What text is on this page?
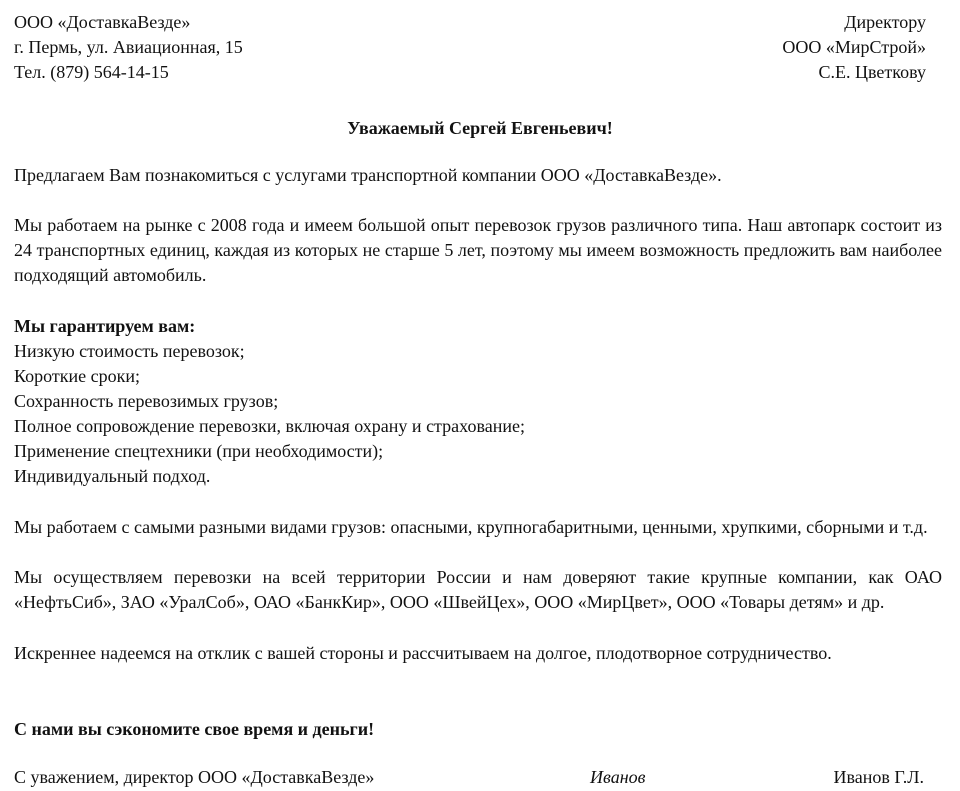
ООО «ДоставкаВезде»
г. Пермь, ул. Авиационная, 15
Тел. (879) 564-14-15
Директору
ООО «МирСтрой»
С.Е. Цветкову
Уважаемый Сергей Евгеньевич!
Предлагаем Вам познакомиться с услугами транспортной компании ООО «ДоставкаВезде».
Мы работаем на рынке с 2008 года и имеем большой опыт перевозок грузов различного типа. Наш автопарк состоит из 24 транспортных единиц, каждая из которых не старше 5 лет, поэтому мы имеем возможность предложить вам наиболее подходящий автомобиль.
Мы гарантируем вам:
Низкую стоимость перевозок;
Короткие сроки;
Сохранность перевозимых грузов;
Полное сопровождение перевозки, включая охрану и страхование;
Применение спецтехники (при необходимости);
Индивидуальный подход.
Мы работаем с самыми разными видами грузов: опасными, крупногабаритными, ценными, хрупкими, сборными и т.д.
Мы осуществляем перевозки на всей территории России и нам доверяют такие крупные компании, как ОАО «НефтьСиб», ЗАО «УралСоб», ОАО «БанкКир», ООО «ШвейЦех», ООО «МирЦвет», ООО «Товары детям» и др.
Искреннее надеемся на отклик с вашей стороны и рассчитываем на долгое, плодотворное сотрудничество.
С нами вы сэкономите свое время и деньги!
С уважением, директор ООО «ДоставкаВезде»	Иванов	Иванов Г.Л.
